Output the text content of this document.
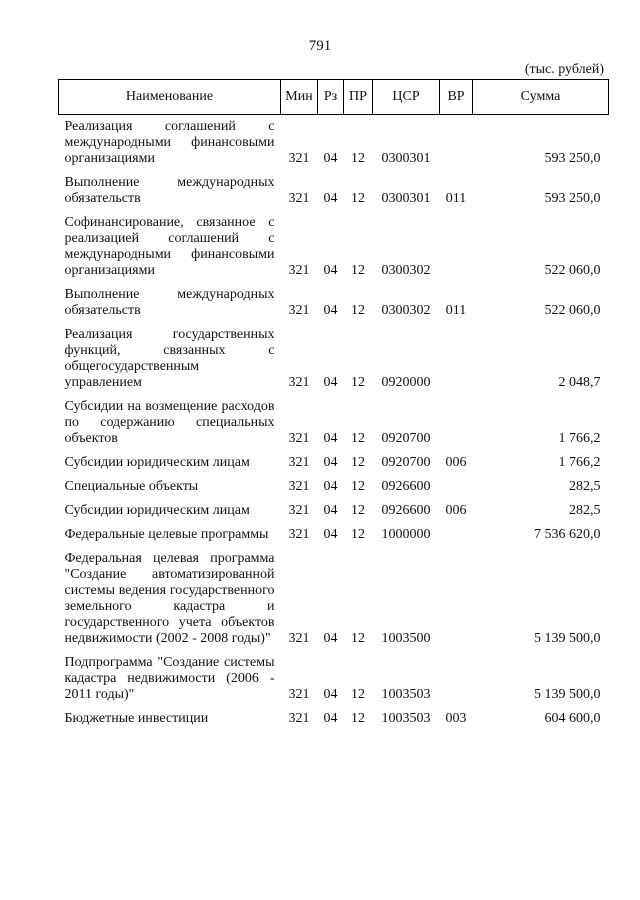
791
(тыс. рублей)
Наименование	Мин	Рз	ПР	ЦСР	ВР	Сумма
Реализация соглашений с международными финансовыми организациями	321	04	12	0300301		593 250,0
Выполнение международных обязательств	321	04	12	0300301	011	593 250,0
Софинансирование, связанное с реализацией соглашений с международными финансовыми организациями	321	04	12	0300302		522 060,0
Выполнение международных обязательств	321	04	12	0300302	011	522 060,0
Реализация государственных функций, связанных с общегосударственным управлением	321	04	12	0920000		2 048,7
Субсидии на возмещение расходов по содержанию специальных объектов	321	04	12	0920700		1 766,2
Субсидии юридическим лицам	321	04	12	0920700	006	1 766,2
Специальные объекты	321	04	12	0926600		282,5
Субсидии юридическим лицам	321	04	12	0926600	006	282,5
Федеральные целевые программы	321	04	12	1000000		7 536 620,0
Федеральная целевая программа "Создание автоматизированной системы ведения государственного земельного кадастра и государственного учета объектов недвижимости (2002 - 2008 годы)"	321	04	12	1003500		5 139 500,0
Подпрограмма "Создание системы кадастра недвижимости (2006 - 2011 годы)"	321	04	12	1003503		5 139 500,0
Бюджетные инвестиции	321	04	12	1003503	003	604 600,0
